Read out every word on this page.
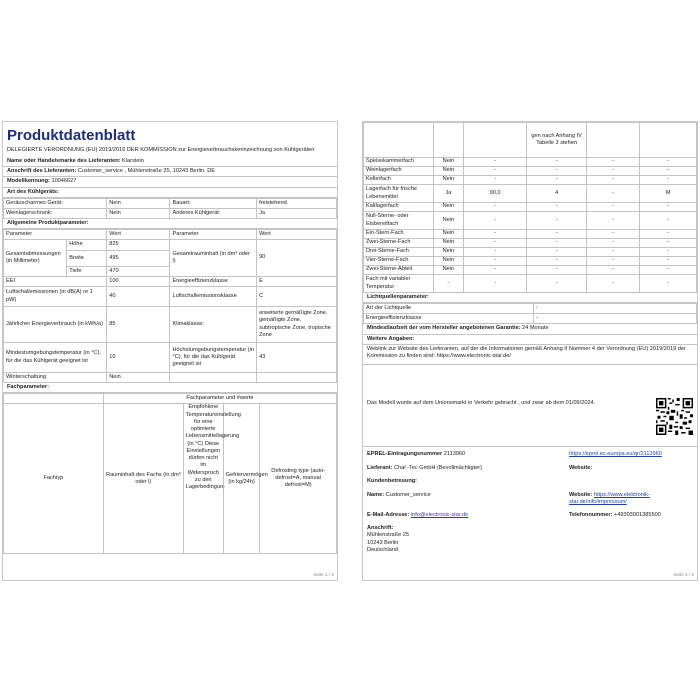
Produktdatenblatt
DELEGIERTE VERORDNUNG (EU) 2019/2016 DER KOMMISSION zur Energieverbrauchskennzeichnung von Kühlgeräten
Name oder Handelsmarke des Lieferanten: Klarstein
Anschrift des Lieferanten: Customer_service , Mühlenstraße 25, 10243 Berlin, DE
Modellkennung: 10046627
Art des Kühlgeräts:
Geräuscharmes Gerät:	Nein	Bauart:	freistehend
Weinlagerschrank:	Nein	Anderes Kühlgerät:	Ja
Allgemeine Produktparameter:
Parameter		Wert	Parameter	Wert
Gesamtabmessungen (in Millimeter)	Höhe	825	Gesamtrauminhalt (in dm³ oder l)	90
	Breite	495		
	Tiefe	470		
EEI		100	Energieeffizienzklasse	E
Luftschallemissionen (in dB(A) re 1 pW)		40	Luftschallemissionsklasse	C
Jährlicher Energieverbrauch (in kWh/a)		85	Klimaklasse:	erweiterte gemäßigte Zone, gemäßigte Zone, subtropische Zone, tropische Zone
Mindestumgebungstemperatur (in °C), für die das Kühlgerät geeignet ist		10	Höchstumgebungstemperatur (in °C), für die das Kühlgerät geeignet ist	43
Winterschaltung		Nein		
Fachparameter:
	Fachparameter und #werte			
Fachtyp	Rauminhalt des Fachs (in dm³ oder l)	Empfohlene Temperatureinstellung für eine optimierte Lebensmittellagerung (in °C) Diese Einstellungen dürfen nicht im Widerspruch zu den Lagerbedingun-	Gefriervermögen (in kg/24h)	Defrosting type (auto-defrost=A, manual defrost=M)
Seite 1 / 2
			gen nach Anhang IV Tabelle 3 stehen		
Speisekammerfach	Nein	-	-	-	-
Weinlagerfach	Nein	-	-	-	-
Kellerfach	Nein	-	-	-	-
Lagerfach für frische Lebensmittel	Ja	90,0	4	-	M
Kaltlagerfach	Nein	-	-	-	-
Null-Sterne- oder Eisbereitfach	Nein	-	-	-	-
Ein-Stern-Fach	Nein	-	-	-	-
Zwei-Sterne-Fach	Nein	-	-	-	-
Drei-Sterne-Fach	Nein	-	-	-	-
Vier-Sterne-Fach	Nein	-	-	-	-
Zwei-Sterne-Abteil	Nein	-	-	-	-
Fach mit variabler Temperatur	-	-	-	-	-
Lichtquellenparameter:
Art der Lichtquelle	-
Energieeffizienzklasse	-
Mindestlaufzeit der vom Hersteller angebotenen Garantie: 24 Monate
Weitere Angaben:
Weblink zur Website des Lieferanten, auf der die Informationen gemäß Anhang II Nummer 4 der Verordnung (EU) 2019/2019 der Kommission zu finden sind: https://www.electronic-star.de/
Das Modell wurde auf dem Unionsmarkt in Verkehr gebracht , und zwar ab dem 01/09/2024.
EPREL-Eintragungsnummer 2113960	https://eprel.ec.europa.eu/qr/2113960
Lieferant: Chal -Tec GmbH (Bevollmächtigter)	Website:
Kundenbetreuung:
Name: Customer_service	Website: https://www.elektronik-star.de/info/impressum/
E-Mail-Adresse: info@electronic-star.de	Telefonnummer: +49303001385500
Anschrift:
Mühlenstraße 25
10243 Berlin
Deutschland
Seite 2 / 2
